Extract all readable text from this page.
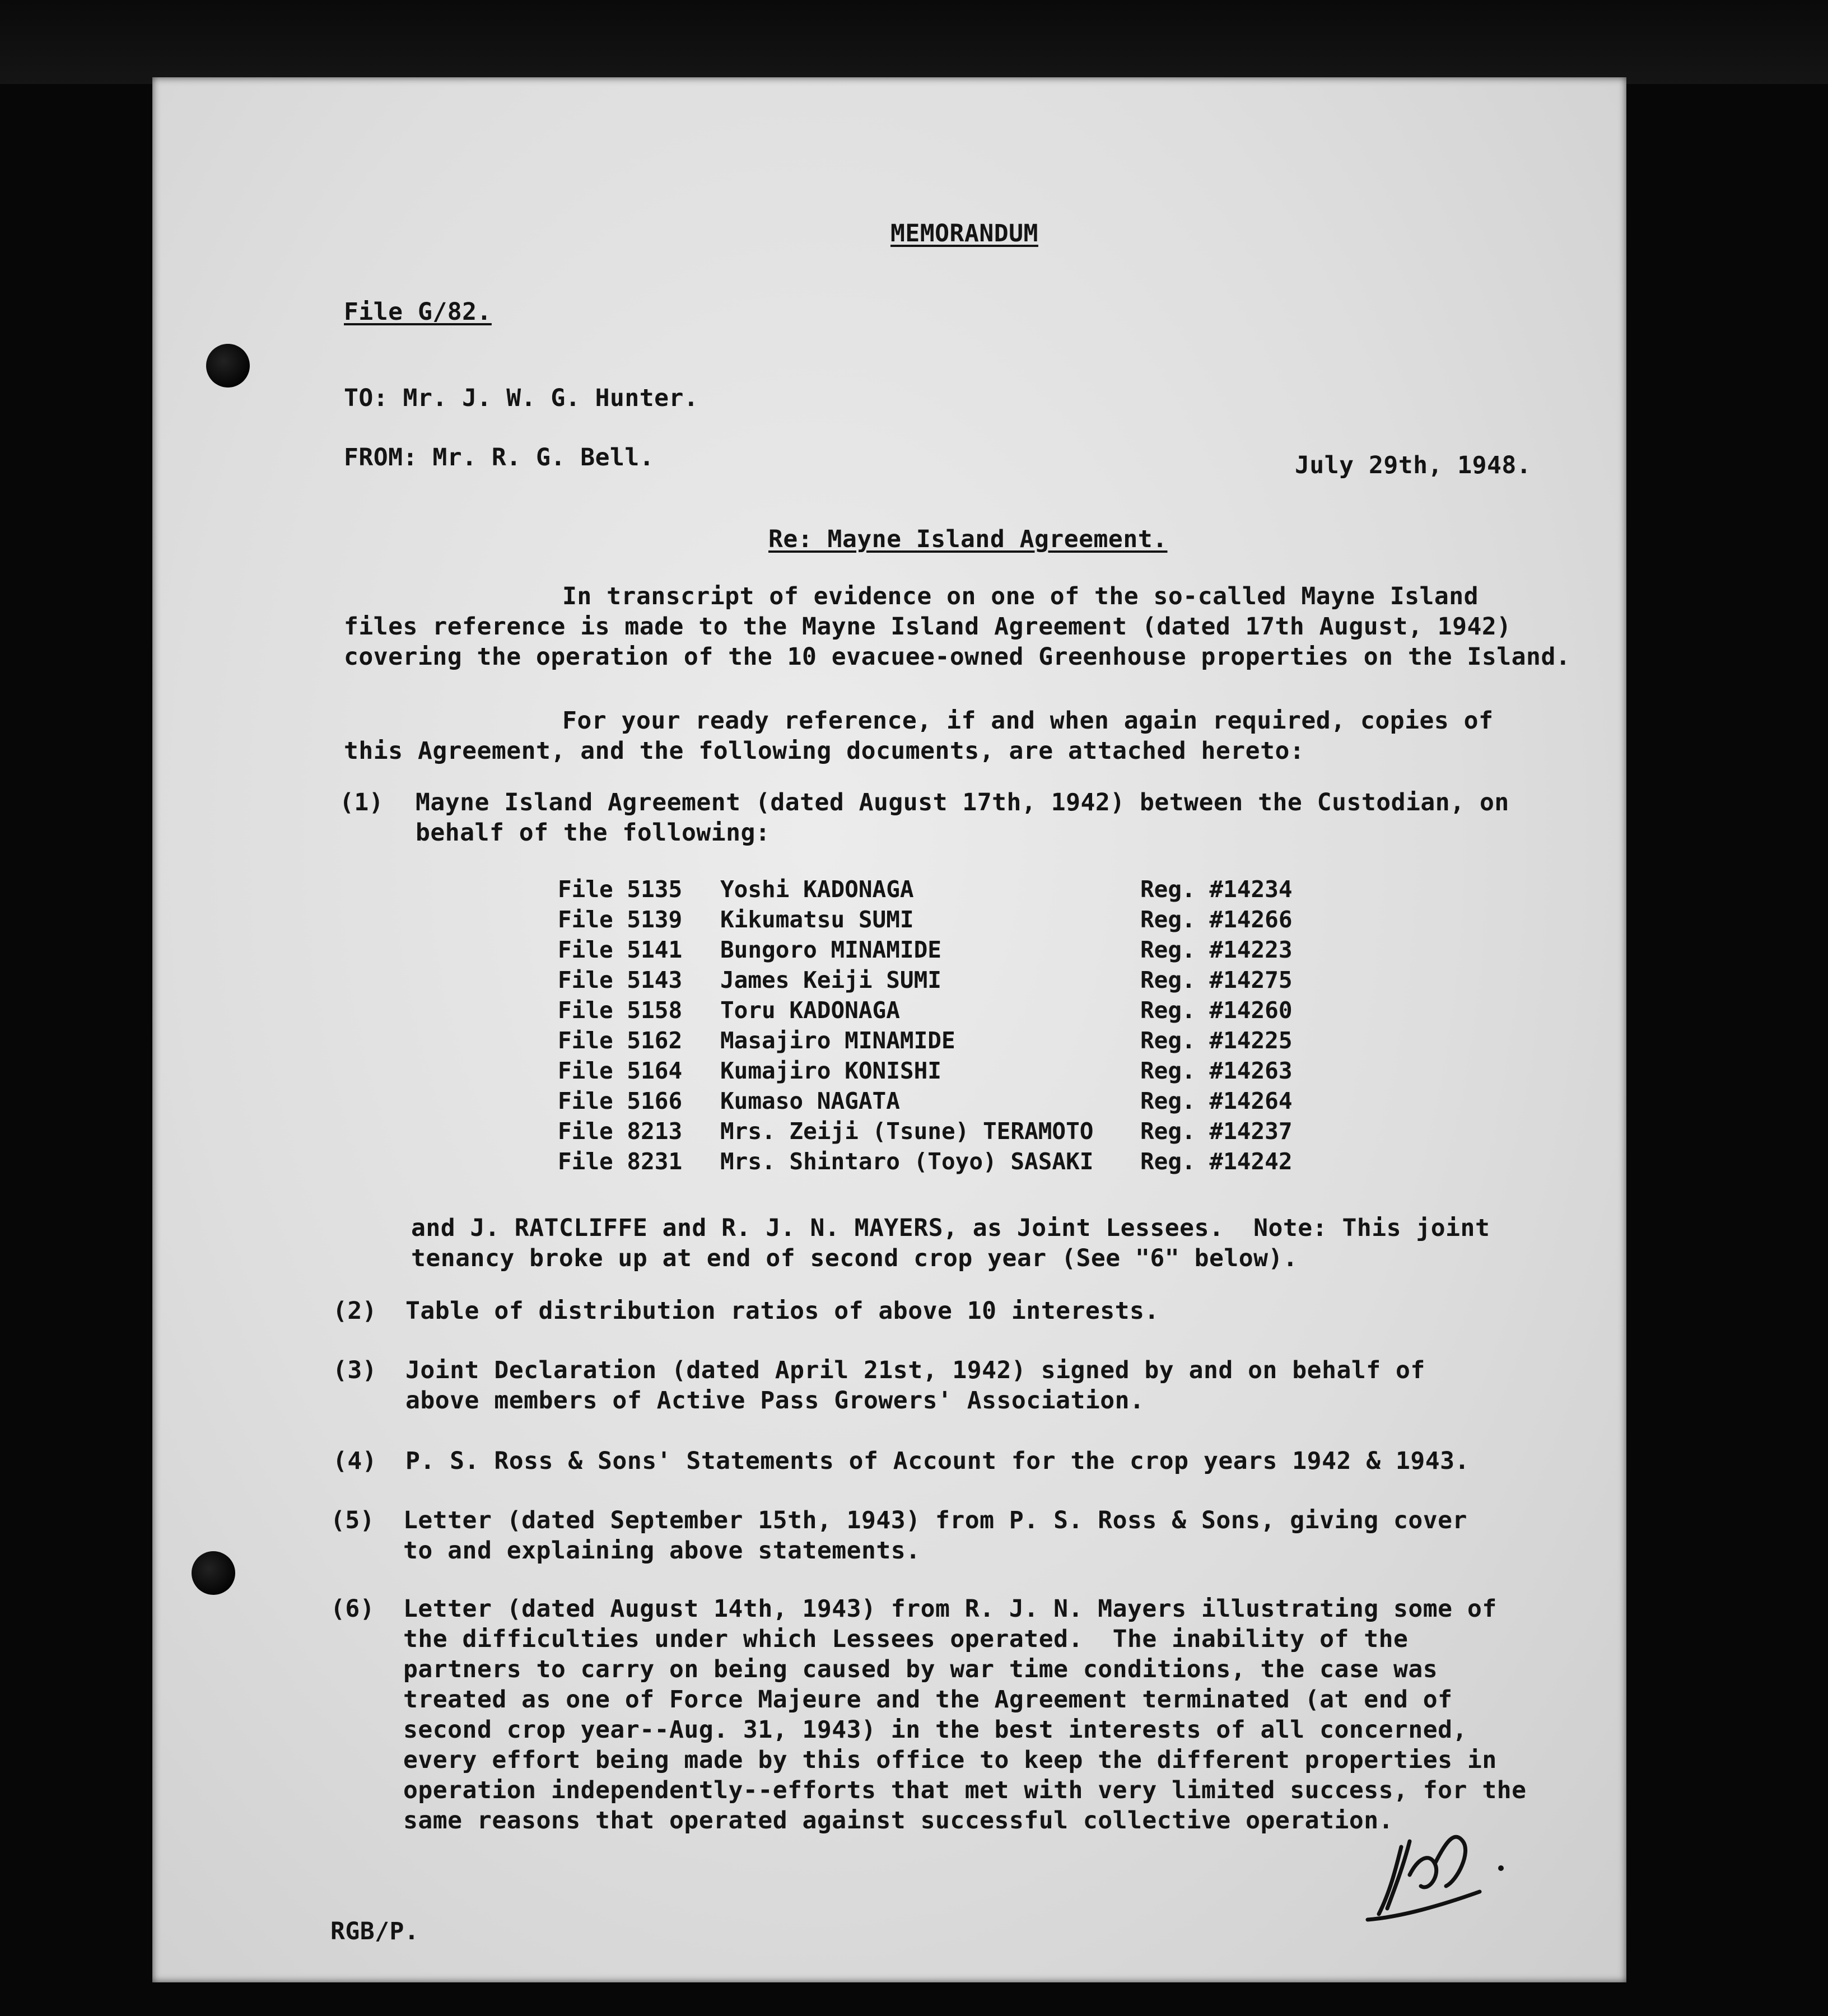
MEMORANDUM
File G/82.
TO: Mr. J. W. G. Hunter.
FROM: Mr. R. G. Bell.	July 29th, 1948.
Re: Mayne Island Agreement.
In transcript of evidence on one of the so-called Mayne Island
files reference is made to the Mayne Island Agreement (dated 17th August, 1942)
covering the operation of the 10 evacuee-owned Greenhouse properties on the Island.
For your ready reference, if and when again required, copies of
this Agreement, and the following documents, are attached hereto:
(1) Mayne Island Agreement (dated August 17th, 1942) between the Custodian, on
behalf of the following:
File 5135 Yoshi KADONAGA	Reg. #14234
File 5139 Kikumatsu SUMI	Reg. #14266
File 5141 Bungoro MINAMIDE	Reg. #14223
File 5143 James Keiji SUMI	Reg. #14275
File 5158 Toru KADONAGA	Reg. #14260
File 5162 Masajiro MINAMIDE	Reg. #14225
File 5164 Kumajiro KONISHI	Reg. #14263
File 5166 Kumaso NAGATA	Reg. #14264
File 8213 Mrs. Zeiji (Tsune) TERAMOTO Reg. #14237
File 8231 Mrs. Shintaro (Toyo) SASAKI Reg. #14242
and J. RATCLIFFE and R. J. N. MAYERS, as Joint Lessees.  Note: This joint
tenancy broke up at end of second crop year (See "6" below).
(2) Table of distribution ratios of above 10 interests.
(3) Joint Declaration (dated April 21st, 1942) signed by and on behalf of
above members of Active Pass Growers' Association.
(4) P. S. Ross & Sons' Statements of Account for the crop years 1942 & 1943.
(5) Letter (dated September 15th, 1943) from P. S. Ross & Sons, giving cover
to and explaining above statements.
(6) Letter (dated August 14th, 1943) from R. J. N. Mayers illustrating some of
the difficulties under which Lessees operated.  The inability of the
partners to carry on being caused by war time conditions, the case was
treated as one of Force Majeure and the Agreement terminated (at end of
second crop year--Aug. 31, 1943) in the best interests of all concerned,
every effort being made by this office to keep the different properties in
operation independently--efforts that met with very limited success, for the
same reasons that operated against successful collective operation.
RGB/P.
